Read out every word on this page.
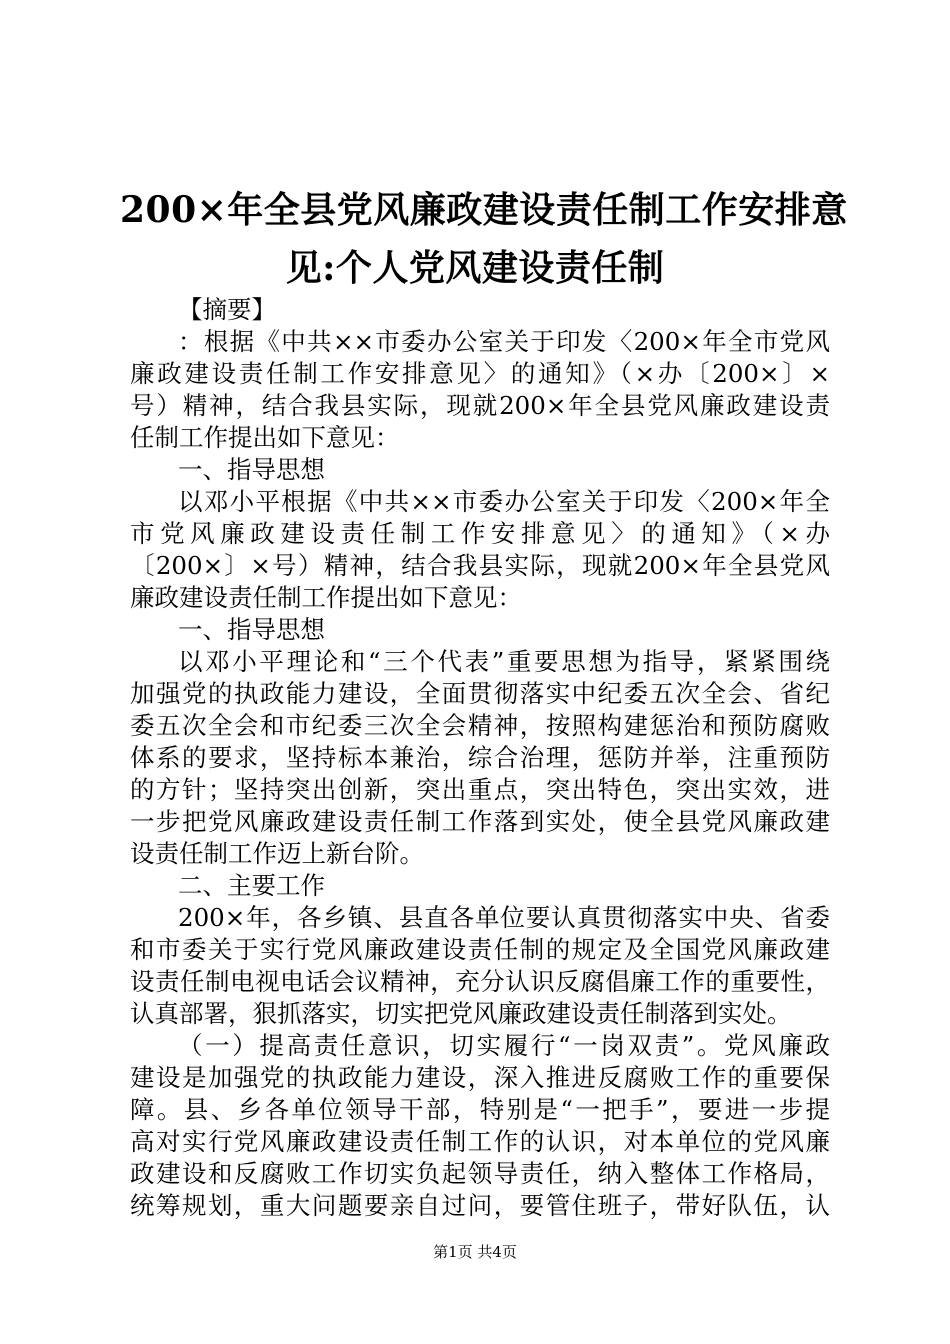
200×年全县党风廉政建设责任制工作安排意
见:个人党风建设责任制
【摘要】
：根据《中共××市委办公室关于印发〈200×年全市党风
廉政建设责任制工作安排意见〉的通知》（×办〔200×〕×
号）精神，结合我县实际，现就200×年全县党风廉政建设责
任制工作提出如下意见：
一、指导思想
以邓小平根据《中共××市委办公室关于印发〈200×年全
市党风廉政建设责任制工作安排意见〉的通知》（×办
〔200×〕×号）精神，结合我县实际，现就200×年全县党风
廉政建设责任制工作提出如下意见：
一、指导思想
以邓小平理论和“三个代表”重要思想为指导，紧紧围绕
加强党的执政能力建设，全面贯彻落实中纪委五次全会、省纪
委五次全会和市纪委三次全会精神，按照构建惩治和预防腐败
体系的要求，坚持标本兼治，综合治理，惩防并举，注重预防
的方针；坚持突出创新，突出重点，突出特色，突出实效，进
一步把党风廉政建设责任制工作落到实处，使全县党风廉政建
设责任制工作迈上新台阶。
二、主要工作
200×年，各乡镇、县直各单位要认真贯彻落实中央、省委
和市委关于实行党风廉政建设责任制的规定及全国党风廉政建
设责任制电视电话会议精神，充分认识反腐倡廉工作的重要性，
认真部署，狠抓落实，切实把党风廉政建设责任制落到实处。
（一）提高责任意识，切实履行“一岗双责”。党风廉政
建设是加强党的执政能力建设，深入推进反腐败工作的重要保
障。县、乡各单位领导干部，特别是“一把手”，要进一步提
高对实行党风廉政建设责任制工作的认识，对本单位的党风廉
政建设和反腐败工作切实负起领导责任，纳入整体工作格局，
统筹规划，重大问题要亲自过问，要管住班子，带好队伍，认
第1页 共4页
